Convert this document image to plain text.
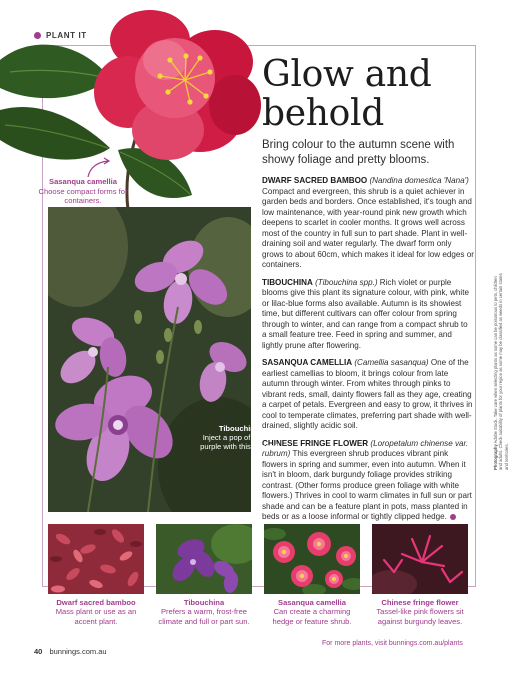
PLANT IT
Glow and
behold

Bring colour to the autumn scene with showy foliage and pretty blooms.

DWARF SACRED BAMBOO (Nandina domestica 'Nana') Compact and evergreen, this shrub is a quiet achiever in garden beds and borders. Once established, it's tough and low maintenance, with year-round pink new growth which deepens to scarlet in cooler months. It grows well across most of the country in full sun to part shade. Plant in well-draining soil and water regularly. The dwarf form only grows to about 60cm, which makes it ideal for low edges or containers.

TIBOUCHINA (Tibouchina spp.) Rich violet or purple blooms give this plant its signature colour, with pink, white or lilac-blue forms also available. Autumn is its showiest time, but different cultivars can offer colour from spring through to winter, and can range from a compact shrub to a small feature tree. Feed in spring and summer, and lightly prune after flowering.

SASANQUA CAMELLIA (Camellia sasanqua) One of the earliest camellias to bloom, it brings colour from late autumn through winter. From whites through pinks to vibrant reds, small, dainty flowers fall as they age, creating a carpet of petals. Evergreen and easy to grow, it thrives in cool to temperate climates, preferring part shade with well-drained, slightly acidic soil.

CHINESE FRINGE FLOWER (Loropetalum chinense var. rubrum) This evergreen shrub produces vibrant pink flowers in spring and summer, even into autumn. When it isn't in bloom, dark burgundy foliage provides striking contrast. (Other forms produce green foliage with white flowers.) Thrives in cool to warm climates in full sun or part shade and can be a feature plant in pots, mass planted in beds or as a loose informal or tightly clipped hedge.

Sasanqua camellia
Choose compact forms for containers.
Tibouchina
Inject a pop of pink or purple with this beauty!
Dwarf sacred bamboo
Mass plant or use as an accent plant.
Tibouchina
Prefers a warm, frost-free climate and full or part sun.
Sasanqua camellia
Can create a charming hedge or feature shrub.
Chinese fringe flower
Tassel-like pink flowers sit against burgundy leaves.
Photography Adobe Stock. Take care when selecting plants as some can be poisonous to pets, children and adults. Check suitability of plants for your region as some may be classified as weeds in certain states and territories.
40 bunnings.com.au
For more plants, visit bunnings.com.au/plants
